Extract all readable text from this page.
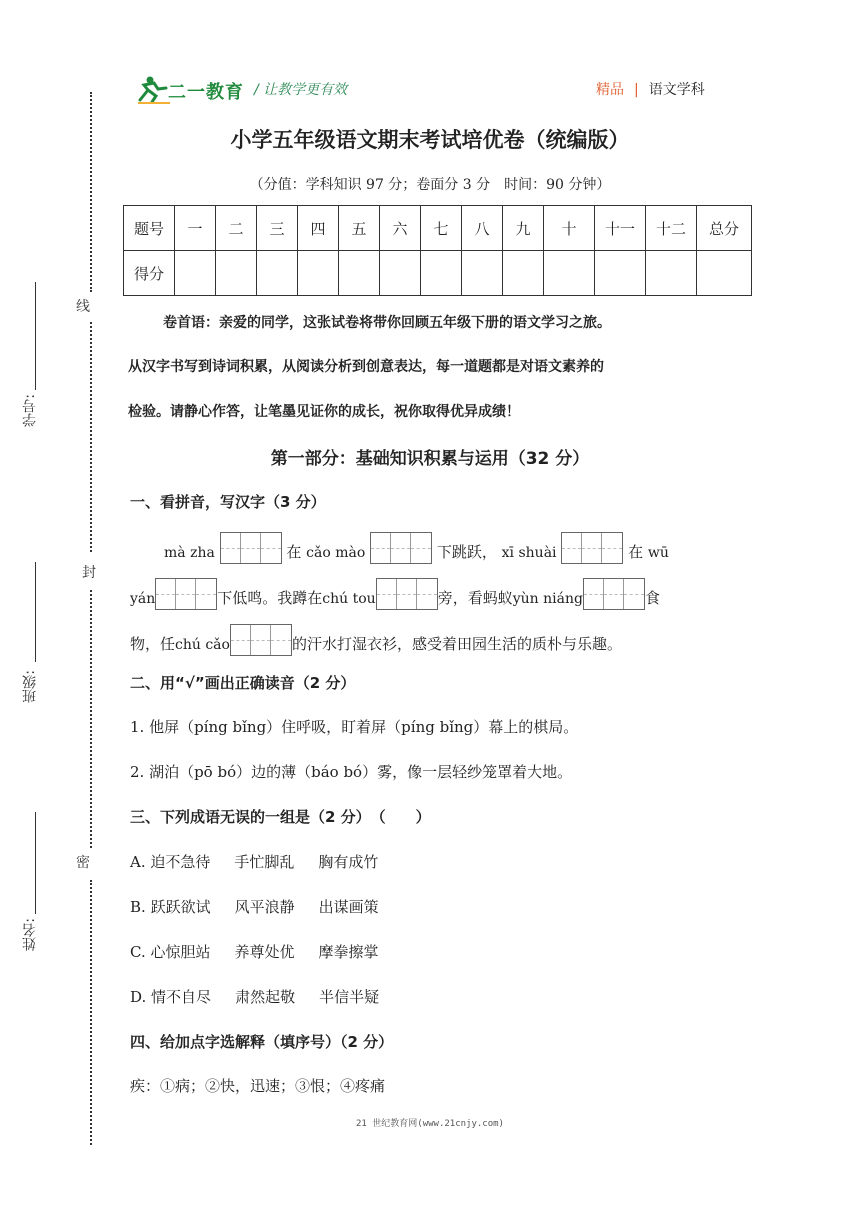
二一教育 / 让教学更有效	精品 | 语文学科
线
封
密
学号:
班级:
姓名:
小学五年级语文期末考试培优卷（统编版）
（分值：学科知识 97 分；卷面分 3 分　时间：90 分钟）
题号	一	二	三	四	五	六	七	八	九	十	十一	十二	总分
得分													
卷首语：亲爱的同学，这张试卷将带你回顾五年级下册的语文学习之旅。
从汉字书写到诗词积累，从阅读分析到创意表达，每一道题都是对语文素养的
检验。请静心作答，让笔墨见证你的成长，祝你取得优异成绩！
第一部分：基础知识积累与运用（32 分）
一、看拼音，写汉字（3 分）
mà zha	在 cǎo mào	下跳跃， xī shuài	在 wū
yán	下低鸣。我蹲在chú tou	旁，看蚂蚁yùn niáng	食
物，任chú cǎo	的汗水打湿衣衫，感受着田园生活的质朴与乐趣。
二、用“√”画出正确读音（2 分）
1. 他屏（píng bǐng）住呼吸，盯着屏（píng bǐng）幕上的棋局。
2. 湖泊（pō bó）边的薄（báo bó）雾，像一层轻纱笼罩着大地。
三、下列成语无误的一组是（2 分）　（　　）
A. 迫不急待 手忙脚乱 胸有成竹
B. 跃跃欲试 风平浪静 出谋画策
C. 心惊胆站 养尊处优 摩拳擦掌
D. 情不自尽 肃然起敬 半信半疑
四、给加点字选解释（填序号）（2 分）
疾：①病；②快，迅速；③恨；④疼痛
21 世纪教育网(www.21cnjy.com)
